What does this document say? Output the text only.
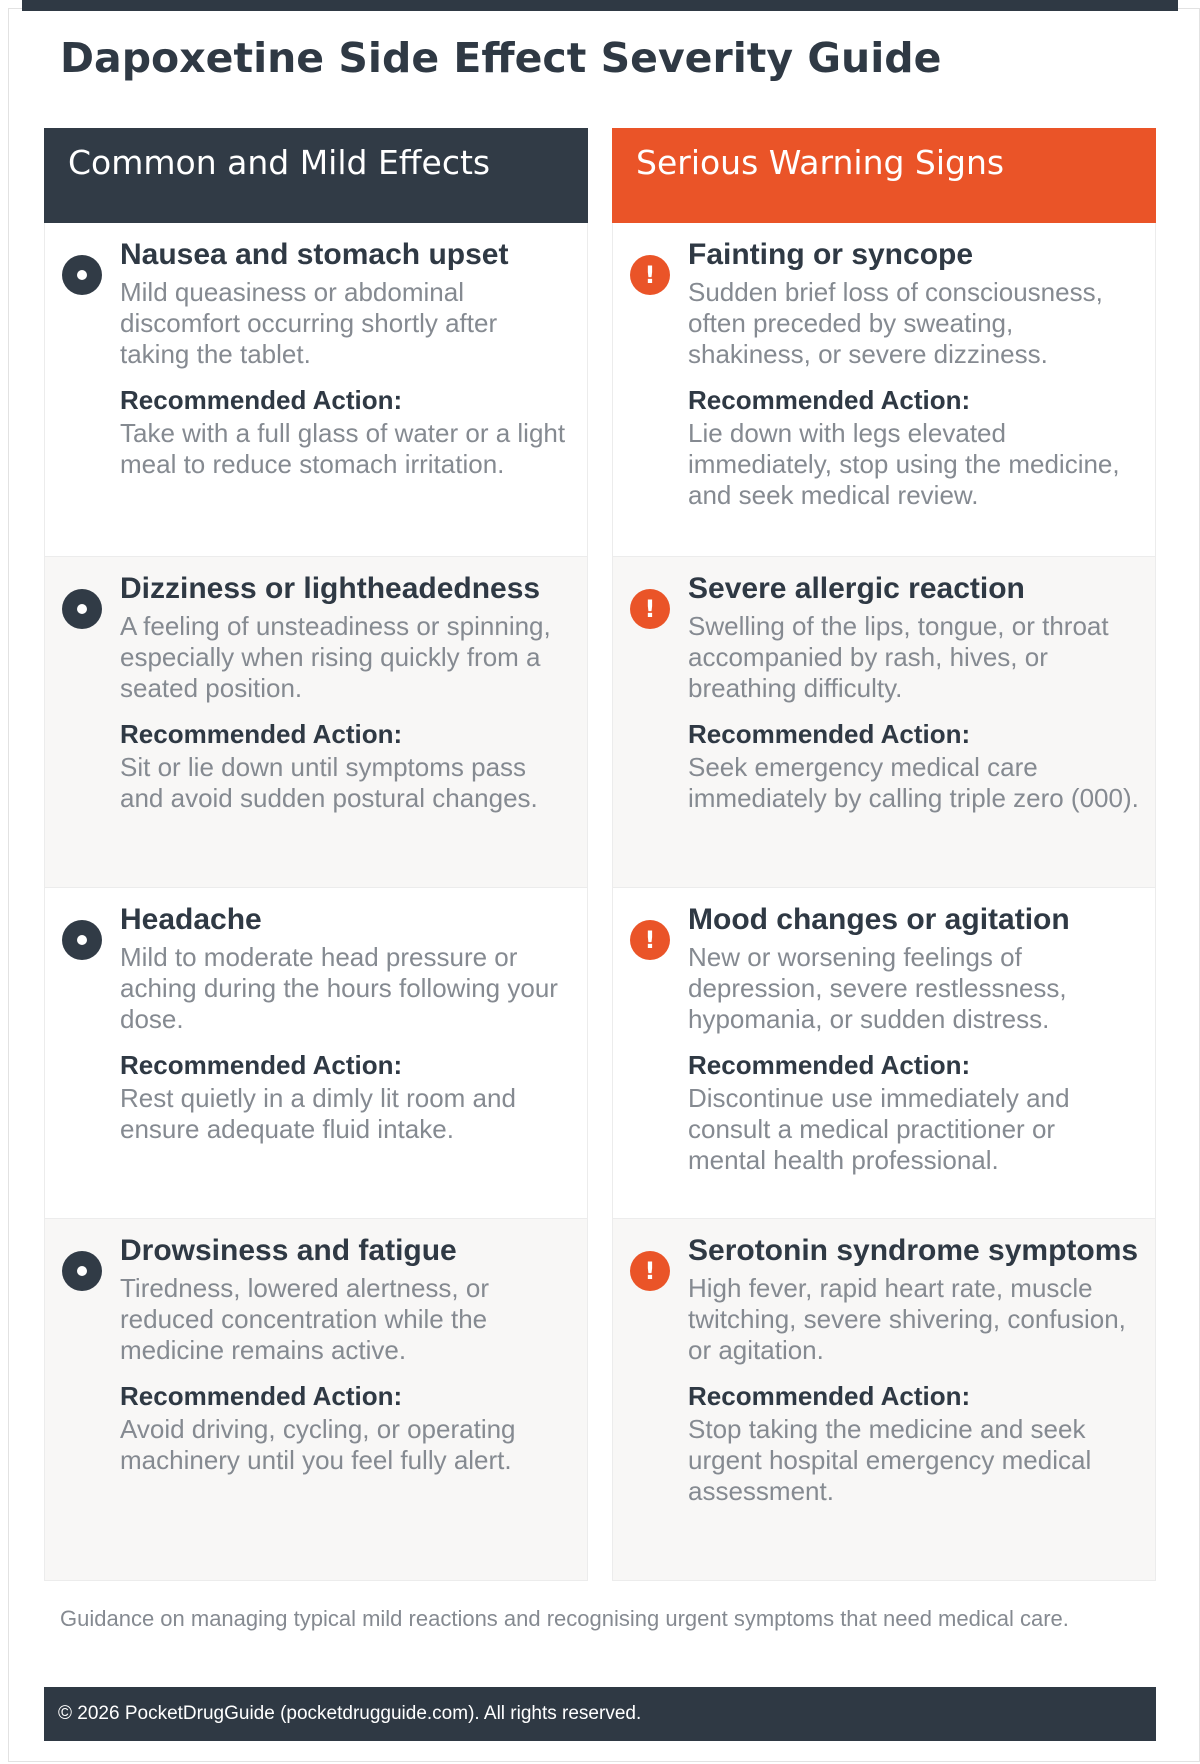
Dapoxetine Side Effect Severity Guide
Common and Mild Effects
Nausea and stomach upset

Mild queasiness or abdominal discomfort occurring shortly after taking the tablet.

Recommended Action:

Take with a full glass of water or a light meal to reduce stomach irritation.

Dizziness or lightheadedness

A feeling of unsteadiness or spinning, especially when rising quickly from a seated position.

Recommended Action:

Sit or lie down until symptoms pass and avoid sudden postural changes.

Headache

Mild to moderate head pressure or aching during the hours following your dose.

Recommended Action:

Rest quietly in a dimly lit room and ensure adequate fluid intake.

Drowsiness and fatigue

Tiredness, lowered alertness, or reduced concentration while the medicine remains active.

Recommended Action:

Avoid driving, cycling, or operating machinery until you feel fully alert.

Serious Warning Signs
!
Fainting or syncope

Sudden brief loss of consciousness, often preceded by sweating, shakiness, or severe dizziness.

Recommended Action:

Lie down with legs elevated immediately, stop using the medicine, and seek medical review.

!
Severe allergic reaction

Swelling of the lips, tongue, or throat accompanied by rash, hives, or breathing difficulty.

Recommended Action:

Seek emergency medical care immediately by calling triple zero (000).

!
Mood changes or agitation

New or worsening feelings of depression, severe restlessness, hypomania, or sudden distress.

Recommended Action:

Discontinue use immediately and consult a medical practitioner or mental health professional.

!
Serotonin syndrome symptoms

High fever, rapid heart rate, muscle twitching, severe shivering, confusion, or agitation.

Recommended Action:

Stop taking the medicine and seek urgent hospital emergency medical assessment.

Guidance on managing typical mild reactions and recognising urgent symptoms that need medical care.
© 2026 PocketDrugGuide (pocketdrugguide.com). All rights reserved.
